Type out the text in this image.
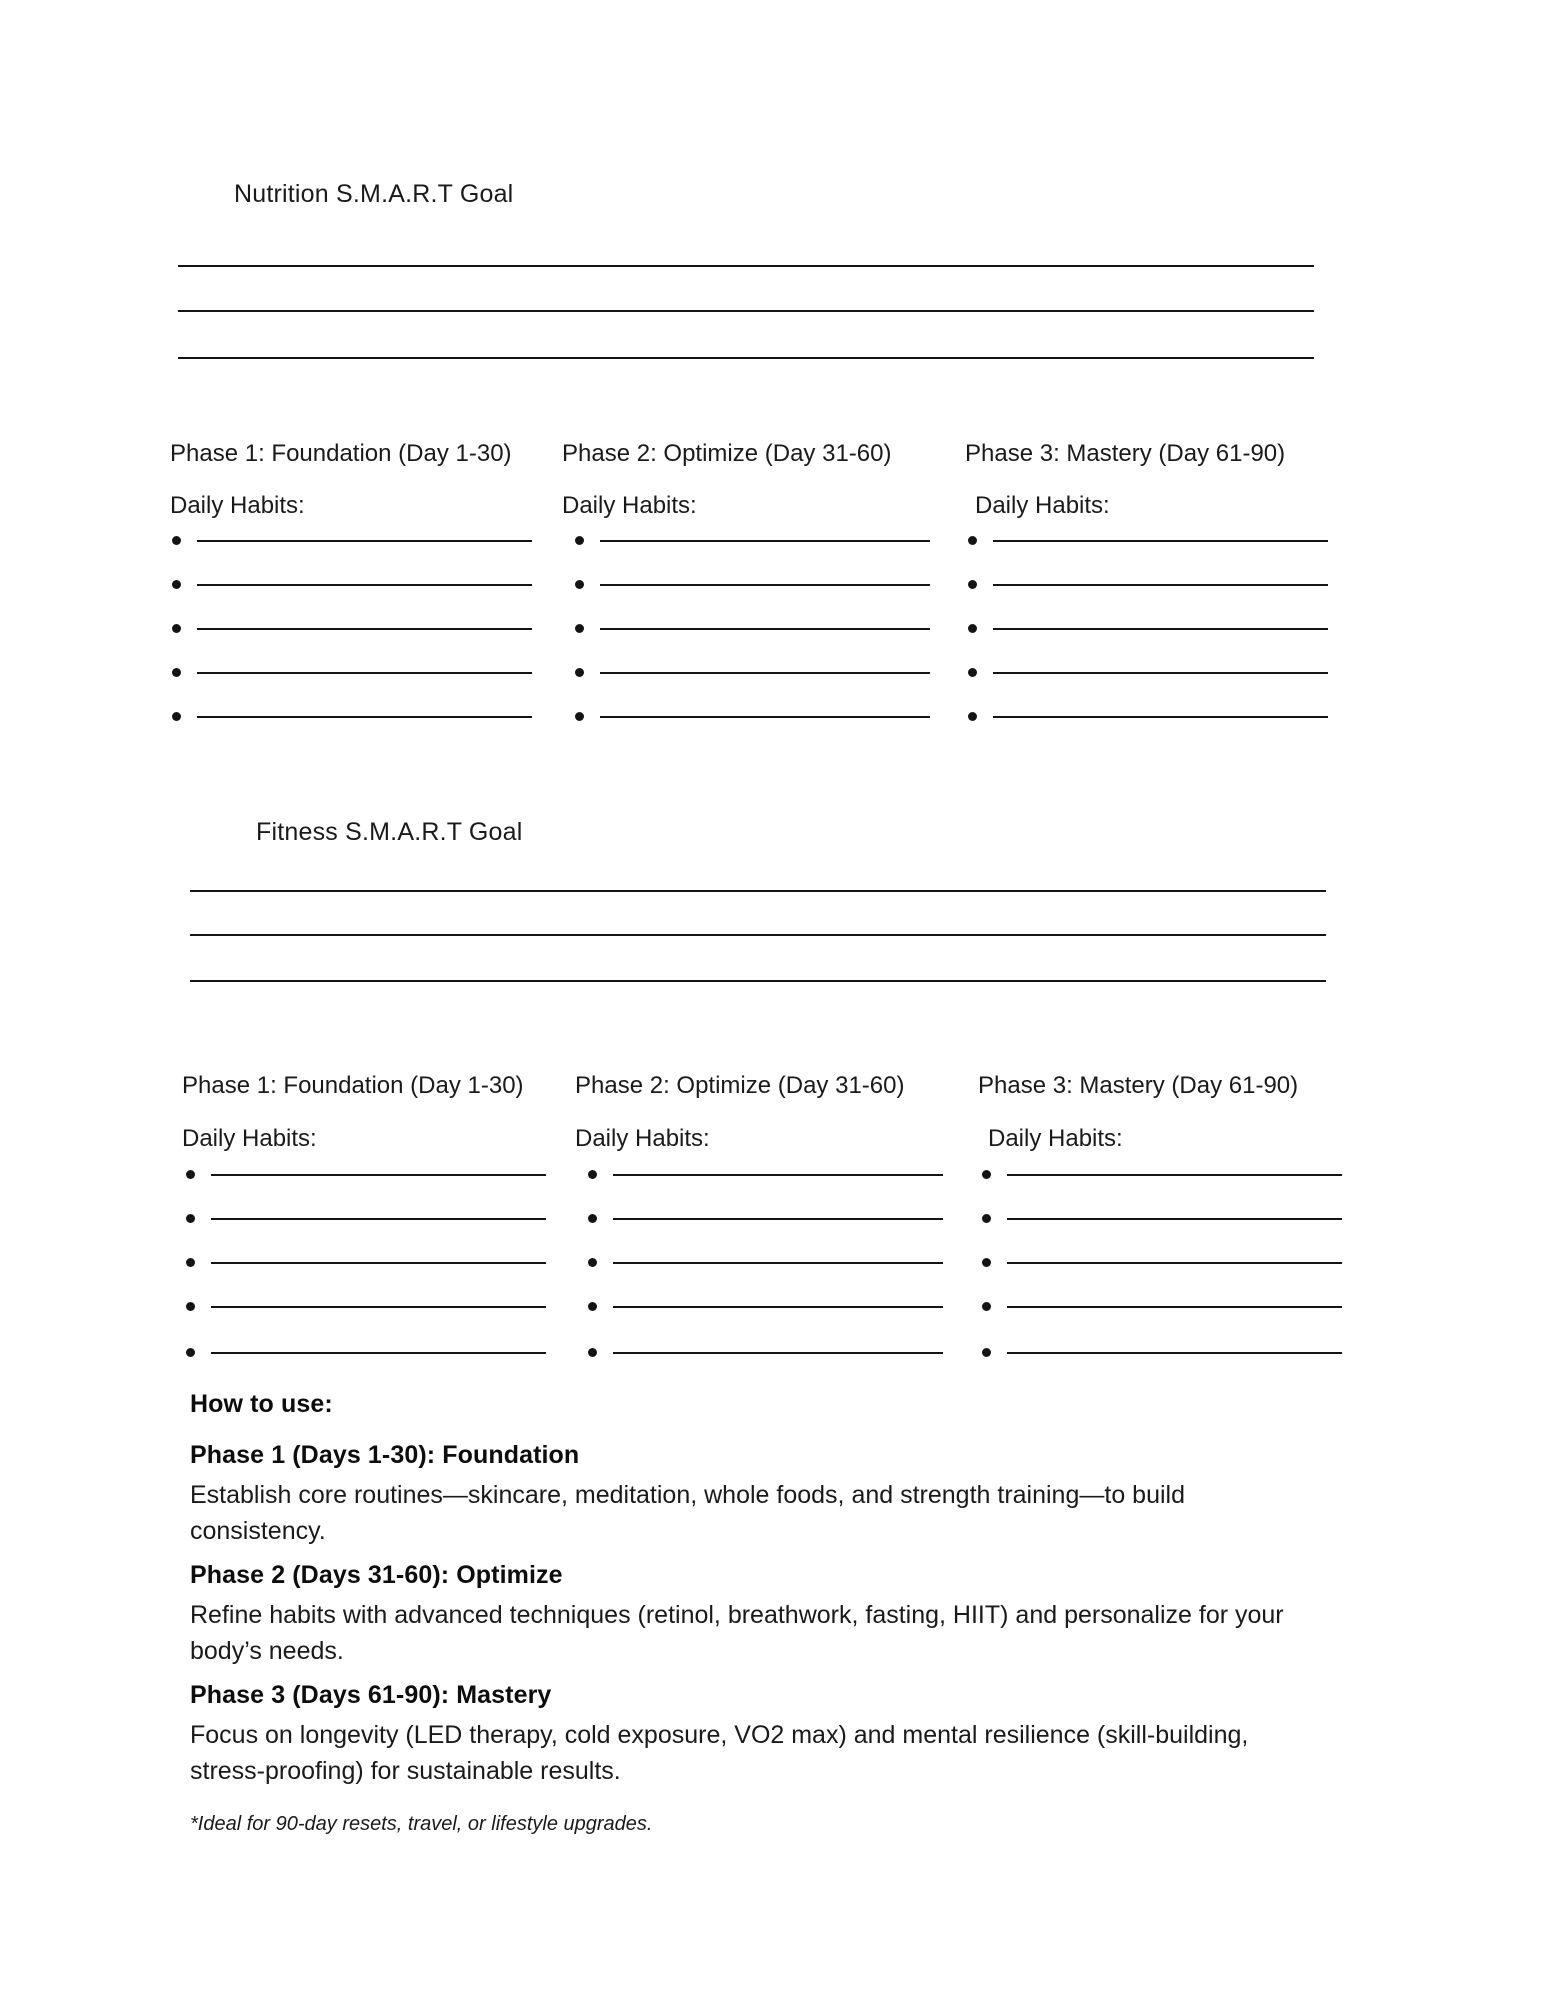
Nutrition S.M.A.R.T Goal
Phase 1: Foundation (Day 1-30)
Daily Habits:
Phase 2: Optimize (Day 31-60)
Daily Habits:
Phase 3: Mastery (Day 61-90)
Daily Habits:
Fitness S.M.A.R.T Goal
Phase 1: Foundation (Day 1-30)
Daily Habits:
Phase 2: Optimize (Day 31-60)
Daily Habits:
Phase 3: Mastery (Day 61-90)
Daily Habits:

How to use:

Phase 1 (Days 1-30): Foundation

Establish core routines—skincare, meditation, whole foods, and strength training—to build consistency.

Phase 2 (Days 31-60): Optimize

Refine habits with advanced techniques (retinol, breathwork, fasting, HIIT) and personalize for your body’s needs.

Phase 3 (Days 61-90): Mastery

Focus on longevity (LED therapy, cold exposure, VO2 max) and mental resilience (skill-building, stress-proofing) for sustainable results.

*Ideal for 90-day resets, travel, or lifestyle upgrades.
